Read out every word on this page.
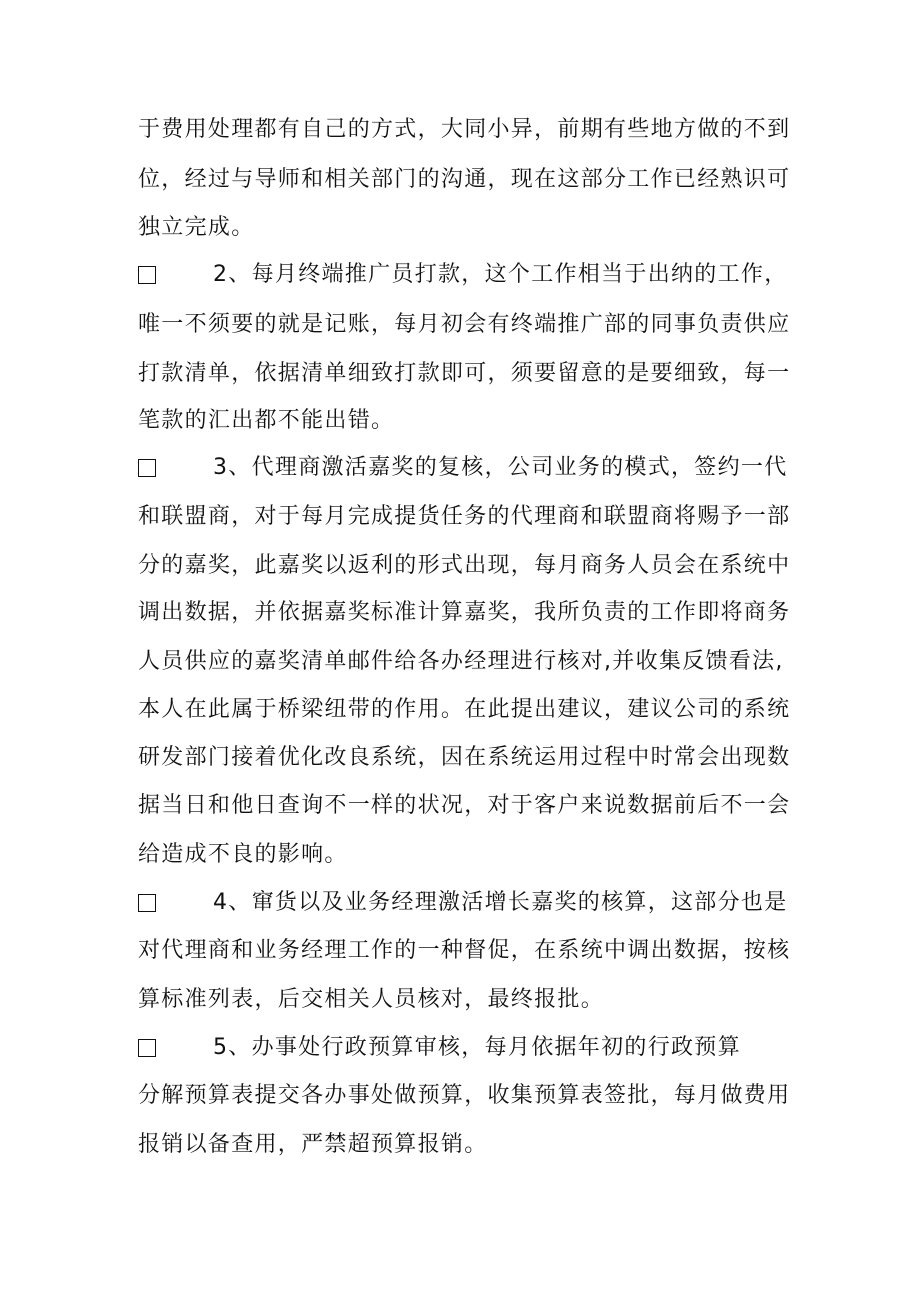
于费用处理都有自己的方式，大同小异，前期有些地方做的不到
位，经过与导师和相关部门的沟通，现在这部分工作已经熟识可
独立完成。
2、每月终端推广员打款，这个工作相当于出纳的工作，
唯一不须要的就是记账，每月初会有终端推广部的同事负责供应
打款清单，依据清单细致打款即可，须要留意的是要细致，每一
笔款的汇出都不能出错。
3、代理商激活嘉奖的复核，公司业务的模式，签约一代
和联盟商，对于每月完成提货任务的代理商和联盟商将赐予一部
分的嘉奖，此嘉奖以返利的形式出现，每月商务人员会在系统中
调出数据，并依据嘉奖标准计算嘉奖，我所负责的工作即将商务
人员供应的嘉奖清单邮件给各办经理进行核对,并收集反馈看法,
本人在此属于桥梁纽带的作用。在此提出建议，建议公司的系统
研发部门接着优化改良系统，因在系统运用过程中时常会出现数
据当日和他日查询不一样的状况，对于客户来说数据前后不一会
给造成不良的影响。
4、窜货以及业务经理激活增长嘉奖的核算，这部分也是
对代理商和业务经理工作的一种督促，在系统中调出数据，按核
算标准列表，后交相关人员核对，最终报批。
5、办事处行政预算审核，每月依据年初的行政预算
分解预算表提交各办事处做预算，收集预算表签批，每月做费用
报销以备查用，严禁超预算报销。
